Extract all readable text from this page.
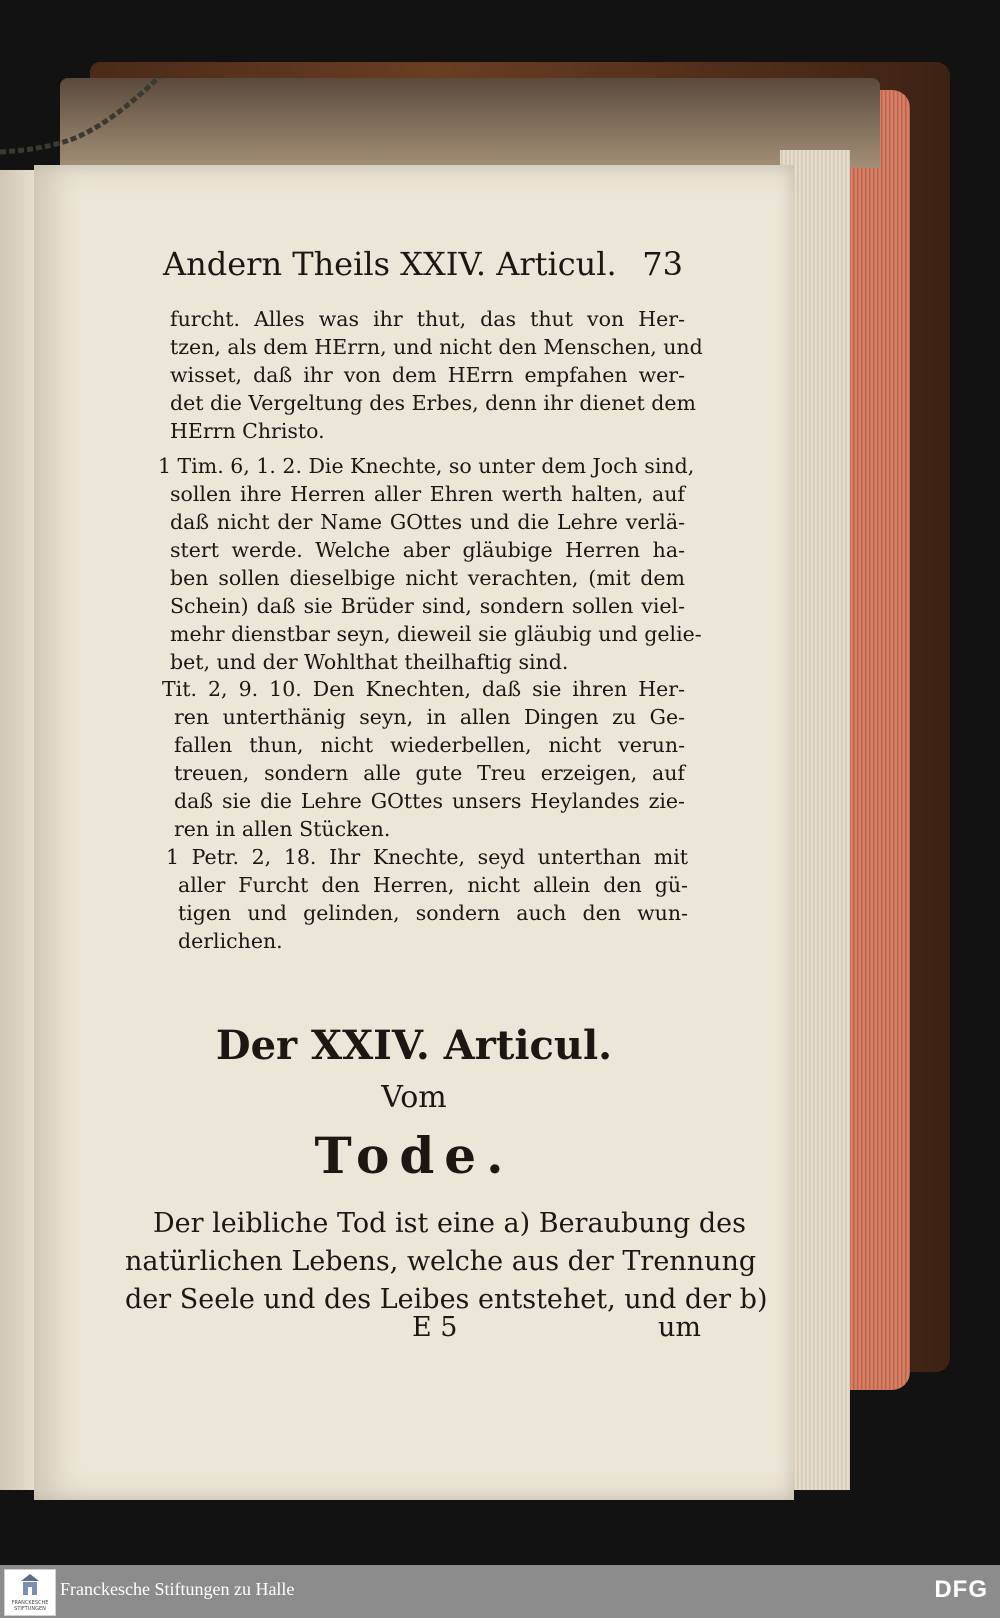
Andern Theils XXIV. Articul. 73
furcht. Alles was ihr thut, das thut von Her-
tzen, als dem HErrn, und nicht den Menschen, und
wisset, daß ihr von dem HErrn empfahen wer-
det die Vergeltung des Erbes, denn ihr dienet dem
HErrn Christo.
1 Tim. 6, 1. 2. Die Knechte, so unter dem Joch sind,
sollen ihre Herren aller Ehren werth halten, auf
daß nicht der Name GOttes und die Lehre verlä-
stert werde. Welche aber gläubige Herren ha-
ben sollen dieselbige nicht verachten, (mit dem
Schein) daß sie Brüder sind, sondern sollen viel-
mehr dienstbar seyn, dieweil sie gläubig und gelie-
bet, und der Wohlthat theilhaftig sind.
Tit. 2, 9. 10. Den Knechten, daß sie ihren Her-
ren unterthänig seyn, in allen Dingen zu Ge-
fallen thun, nicht wiederbellen, nicht verun-
treuen, sondern alle gute Treu erzeigen, auf
daß sie die Lehre GOttes unsers Heylandes zie-
ren in allen Stücken.
1 Petr. 2, 18. Ihr Knechte, seyd unterthan mit
aller Furcht den Herren, nicht allein den gü-
tigen und gelinden, sondern auch den wun-
derlichen.
Der XXIV. Articul.
Vom
Tode.
Der leibliche Tod ist eine a) Beraubung des
natürlichen Lebens, welche aus der Trennung
der Seele und des Leibes entstehet, und der b)
E 5	um
FRANCKESCHE STIFTUNGEN
Franckesche Stiftungen zu Halle	DFG
